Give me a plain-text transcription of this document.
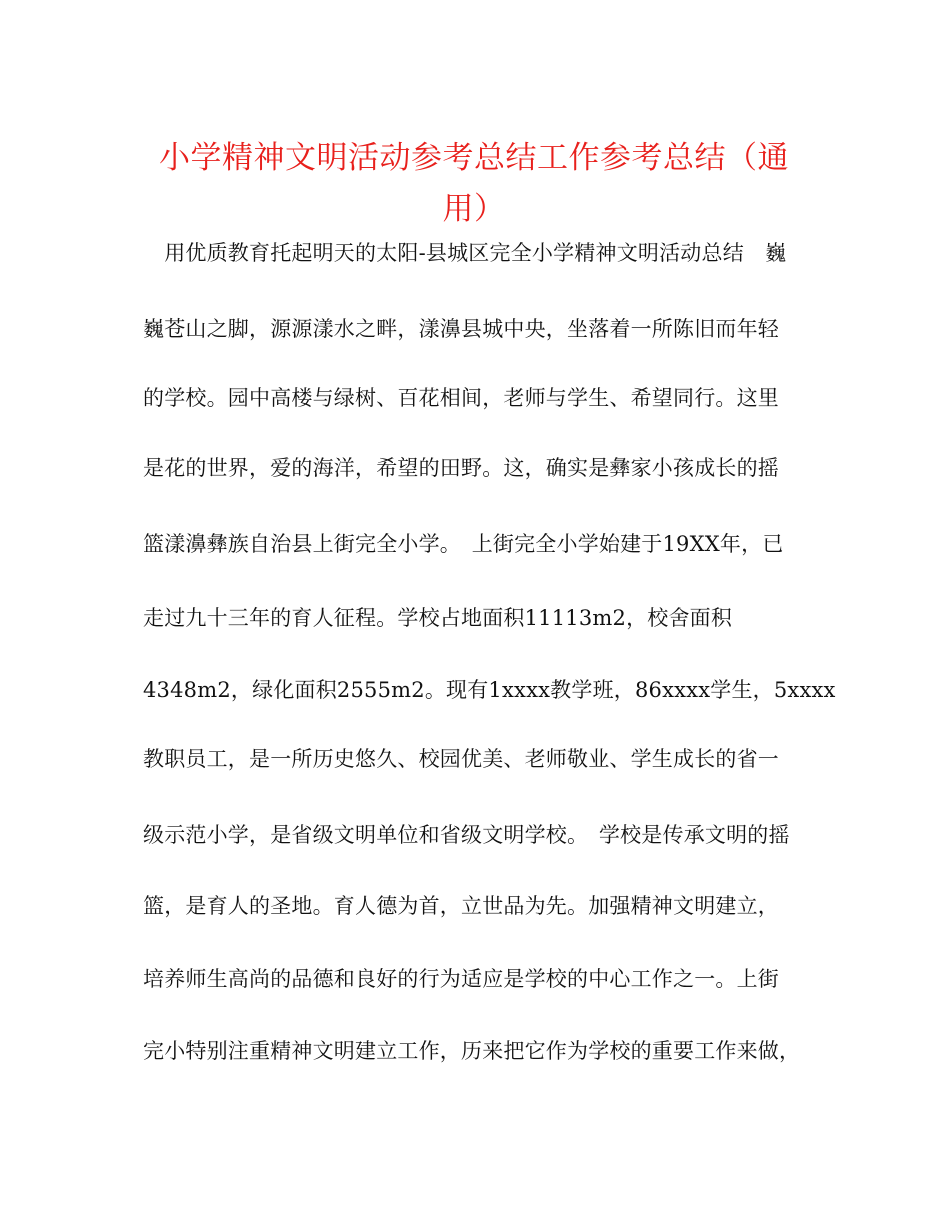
小学精神文明活动参考总结工作参考总结（通用）
　用优质教育托起明天的太阳-县城区完全小学精神文明活动总结　巍
巍苍山之脚，源源漾水之畔，漾濞县城中央，坐落着一所陈旧而年轻
的学校。园中高楼与绿树、百花相间，老师与学生、希望同行。这里
是花的世界，爱的海洋，希望的田野。这，确实是彝家小孩成长的摇
篮漾濞彝族自治县上街完全小学。　上街完全小学始建于19XX年，已
走过九十三年的育人征程。学校占地面积11113m2，校舍面积
4348m2，绿化面积2555m2。现有1xxxx教学班，86xxxx学生，5xxxx
教职员工，是一所历史悠久、校园优美、老师敬业、学生成长的省一
级示范小学，是省级文明单位和省级文明学校。　学校是传承文明的摇
篮，是育人的圣地。育人德为首，立世品为先。加强精神文明建立，
培养师生高尚的品德和良好的行为适应是学校的中心工作之一。上街
完小特别注重精神文明建立工作，历来把它作为学校的重要工作来做，
